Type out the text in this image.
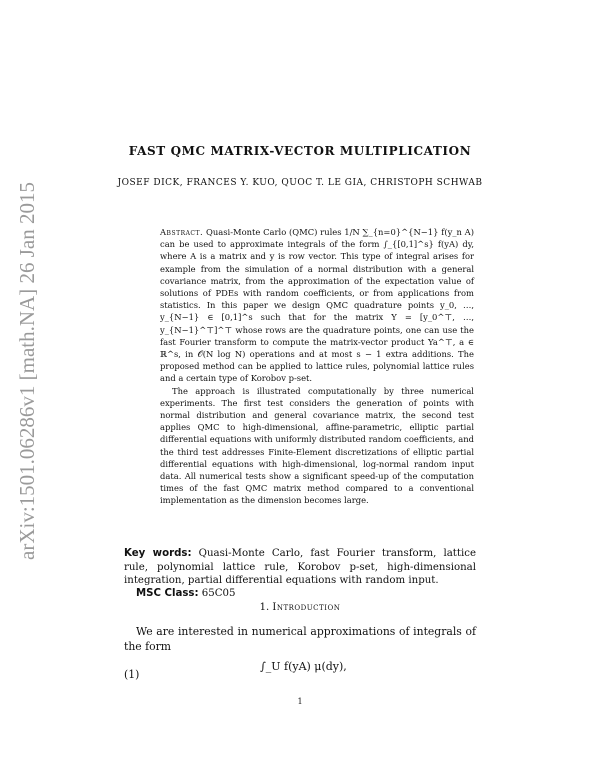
arXiv:1501.06286v1 [math.NA] 26 Jan 2015
FAST QMC MATRIX-VECTOR MULTIPLICATION
JOSEF DICK, FRANCES Y. KUO, QUOC T. LE GIA, CHRISTOPH SCHWAB

Abstract. Quasi-Monte Carlo (QMC) rules 1/N ∑_{n=0}^{N−1} f(y_n A) can be used to approximate integrals of the form ∫_{[0,1]^s} f(yA) dy, where A is a matrix and y is row vector. This type of integral arises for example from the simulation of a normal distribution with a general covariance matrix, from the approximation of the expectation value of solutions of PDEs with random coefficients, or from applications from statistics. In this paper we design QMC quadrature points y_0, …, y_{N−1} ∈ [0,1]^s such that for the matrix Y = [y_0^⊤, …, y_{N−1}^⊤]^⊤ whose rows are the quadrature points, one can use the fast Fourier transform to compute the matrix-vector product Ya^⊤, a ∈ ℝ^s, in 𝒪(N log N) operations and at most s − 1 extra additions. The proposed method can be applied to lattice rules, polynomial lattice rules and a certain type of Korobov p-set.

The approach is illustrated computationally by three numerical experiments. The first test considers the generation of points with normal distribution and general covariance matrix, the second test applies QMC to high-dimensional, affine-parametric, elliptic partial differential equations with uniformly distributed random coefficients, and the third test addresses Finite-Element discretizations of elliptic partial differential equations with high-dimensional, log-normal random input data. All numerical tests show a significant speed-up of the computation times of the fast QMC matrix method compared to a conventional implementation as the dimension becomes large.

Key words: Quasi-Monte Carlo, fast Fourier transform, lattice rule, polynomial lattice rule, Korobov p-set, high-dimensional integration, partial differential equations with random input.
MSC Class: 65C05
1. Introduction

We are interested in numerical approximations of integrals of the form

(1)
∫_U f(yA) μ(dy),
1
